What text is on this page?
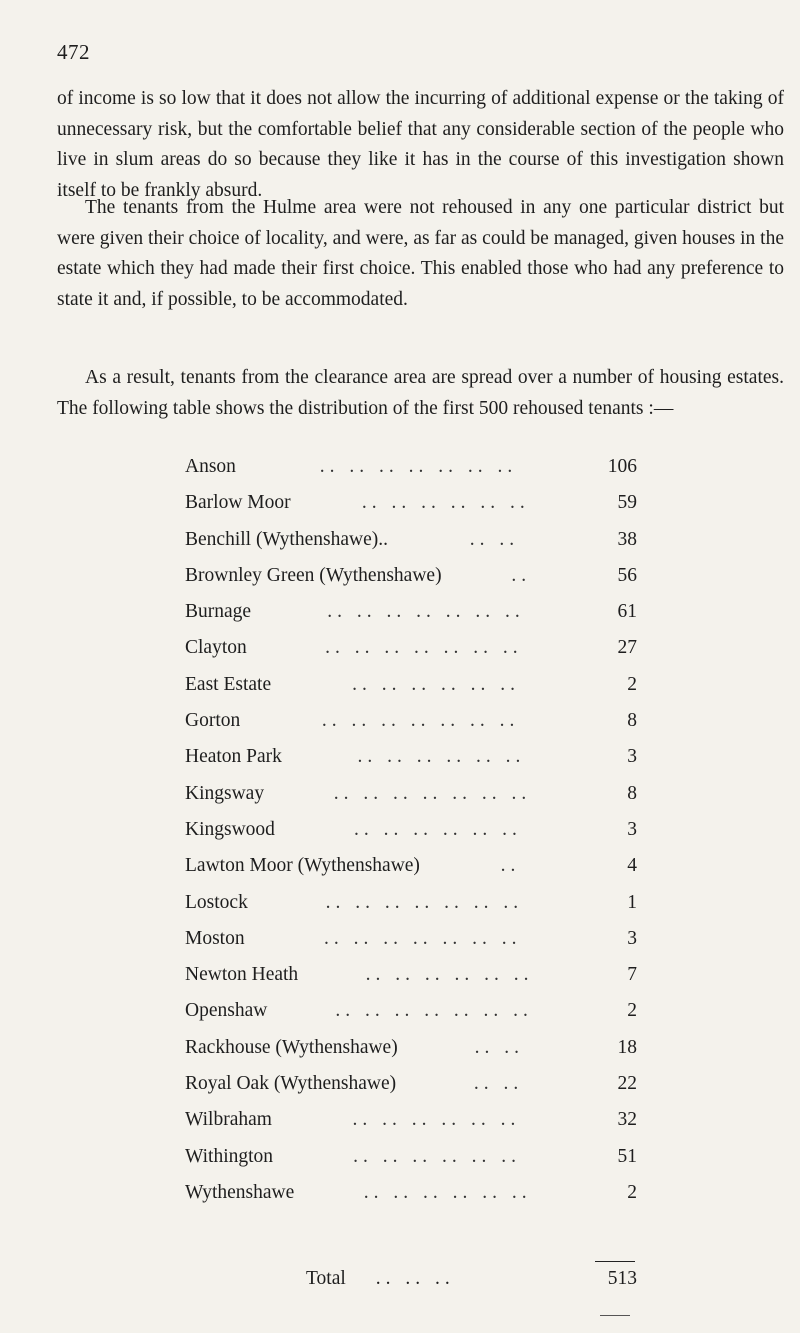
472

of income is so low that it does not allow the incurring of additional expense or the taking of unnecessary risk, but the comfortable belief that any considerable section of the people who live in slum areas do so because they like it has in the course of this investigation shown itself to be frankly absurd.

The tenants from the Hulme area were not rehoused in any one particular district but were given their choice of locality, and were, as far as could be managed, given houses in the estate which they had made their first choice. This enabled those who had any preference to state it and, if possible, to be accommodated.

As a result, tenants from the clearance area are spread over a number of housing estates. The following table shows the distribution of the first 500 rehoused tenants :—

Anson	.. .. .. .. .. .. ..	106
Barlow Moor	.. .. .. .. .. ..	59
Benchill (Wythenshawe)..	.. ..	38
Brownley Green (Wythenshawe)	..	56
Burnage	.. .. .. .. .. .. ..	61
Clayton	.. .. .. .. .. .. ..	27
East Estate	.. .. .. .. .. ..	2
Gorton	.. .. .. .. .. .. ..	8
Heaton Park	.. .. .. .. .. ..	3
Kingsway	.. .. .. .. .. .. ..	8
Kingswood	.. .. .. .. .. ..	3
Lawton Moor (Wythenshawe)	..	4
Lostock	.. .. .. .. .. .. ..	1
Moston	.. .. .. .. .. .. ..	3
Newton Heath	.. .. .. .. .. ..	7
Openshaw	.. .. .. .. .. .. ..	2
Rackhouse (Wythenshawe)	.. ..	18
Royal Oak (Wythenshawe)	.. ..	22
Wilbraham	.. .. .. .. .. ..	32
Withington	.. .. .. .. .. ..	51
Wythenshawe	.. .. .. .. .. ..	2
Total .. .. ..	513
